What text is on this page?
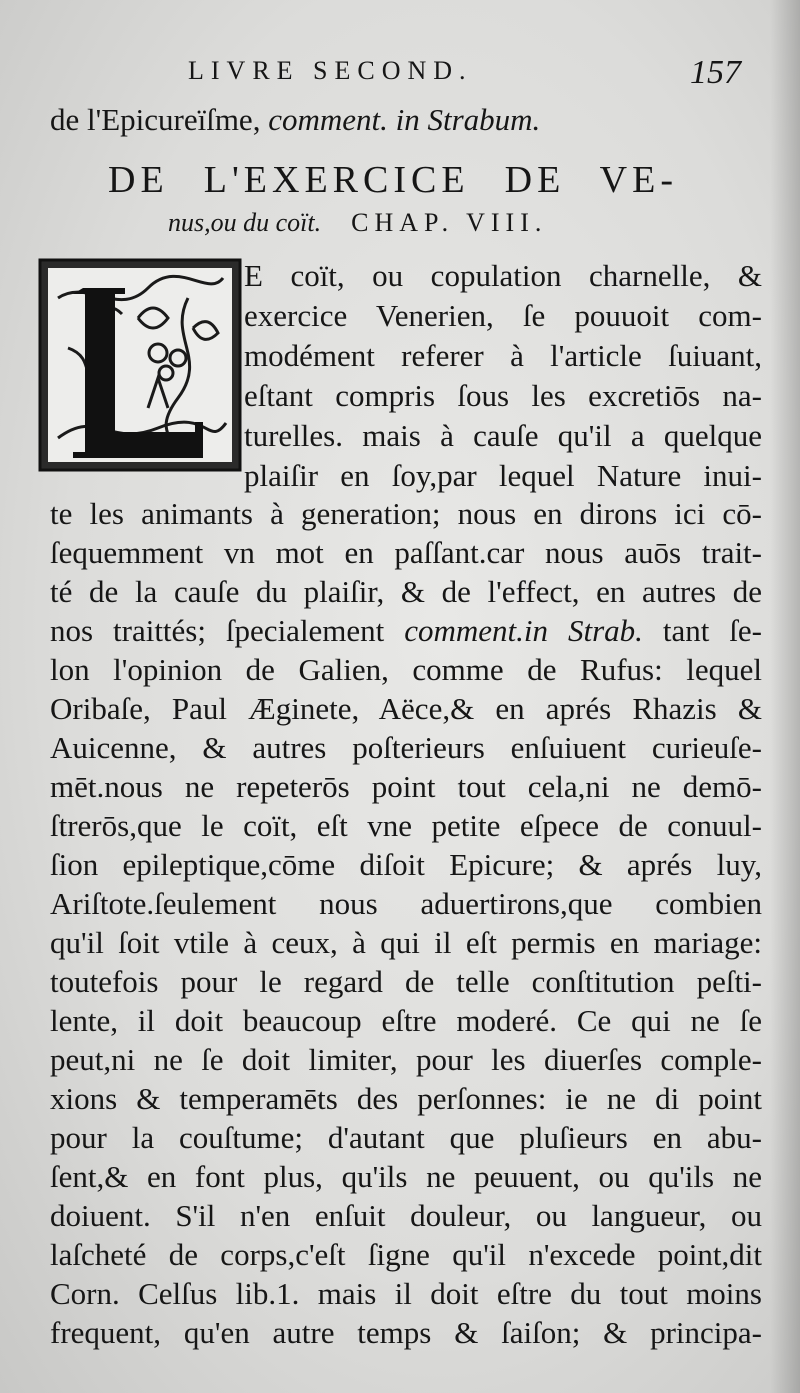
LIVRE SECOND.	157
de l'Epicureïſme, comment. in Strabum.
DE L'EXERCICE DE VE-
nus,ou du coït. CHAP. VIII.
E coït, ou copulation charnelle, &
exercice Venerien, ſe pouuoit com-
modément referer à l'article ſuiuant,
eſtant compris ſous les excretiōs na-
turelles. mais à cauſe qu'il a quelque
plaiſir en ſoy,par lequel Nature inui-
te les animants à generation; nous en dirons ici cō-
ſequemment vn mot en paſſant.car nous auōs trait-
té de la cauſe du plaiſir, & de l'effect, en autres de
nos traittés; ſpecialement comment.in Strab. tant ſe-
lon l'opinion de Galien, comme de Rufus: lequel
Oribaſe, Paul Æginete, Aëce,& en aprés Rhazis &
Auicenne, & autres poſterieurs enſuiuent curieuſe-
mēt.nous ne repeterōs point tout cela,ni ne demō-
ſtrerōs,que le coït, eſt vne petite eſpece de conuul-
ſion epileptique,cōme diſoit Epicure; & aprés luy,
Ariſtote.ſeulement nous aduertirons,que combien
qu'il ſoit vtile à ceux, à qui il eſt permis en mariage:
toutefois pour le regard de telle conſtitution peſti-
lente, il doit beaucoup eſtre moderé. Ce qui ne ſe
peut,ni ne ſe doit limiter, pour les diuerſes comple-
xions & temperamēts des perſonnes: ie ne di point
pour la couſtume; d'autant que pluſieurs en abu-
ſent,& en font plus, qu'ils ne peuuent, ou qu'ils ne
doiuent. S'il n'en enſuit douleur, ou langueur, ou
laſcheté de corps,c'eſt ſigne qu'il n'excede point,dit
Corn. Celſus lib.1. mais il doit eſtre du tout moins
frequent, qu'en autre temps & ſaiſon; & principa-
